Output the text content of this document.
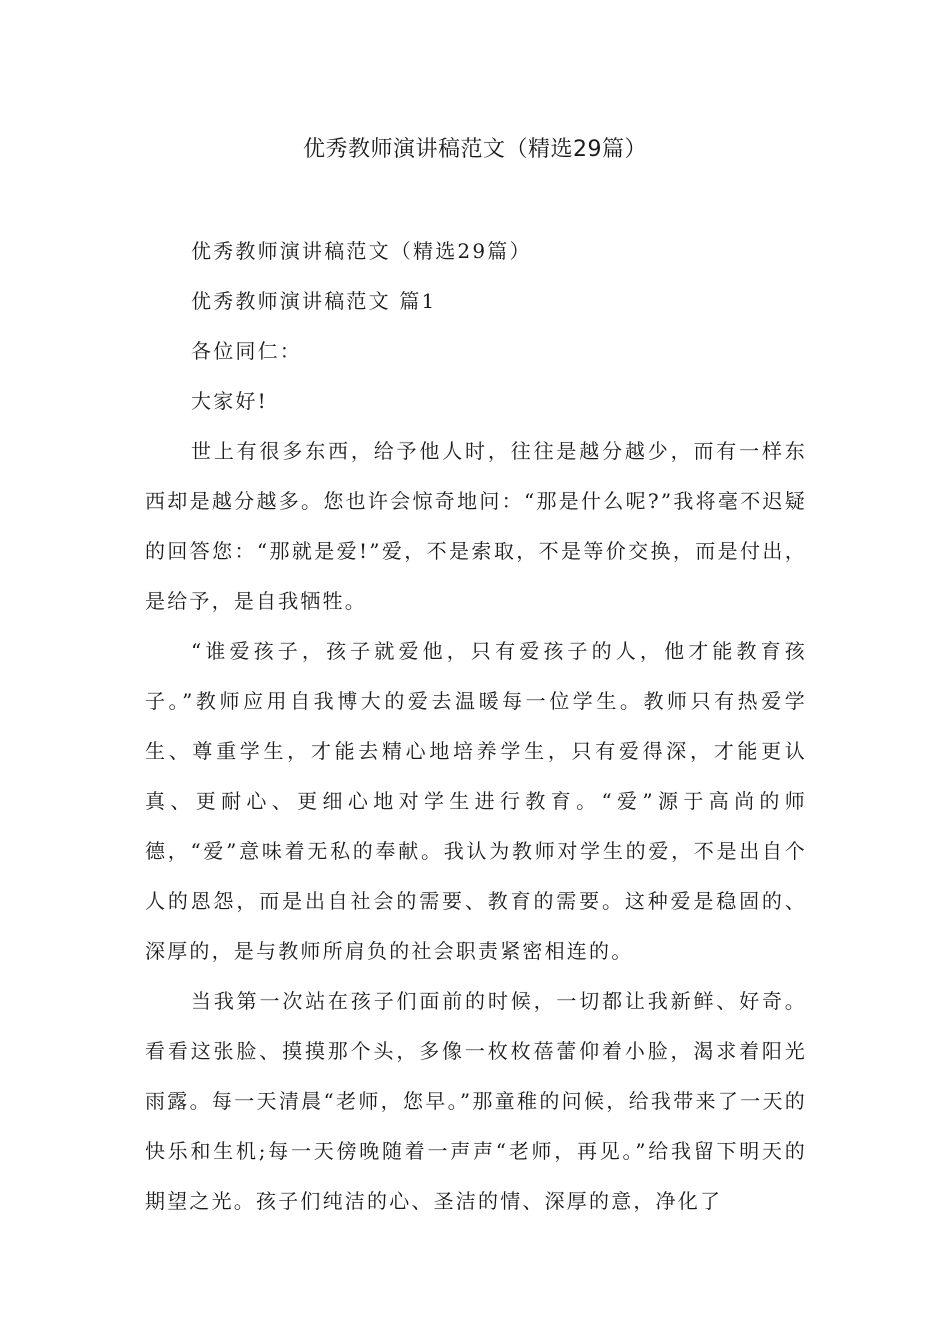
优秀教师演讲稿范文（精选29篇）

优秀教师演讲稿范文（精选29篇）

优秀教师演讲稿范文 篇1

各位同仁：

大家好!

世上有很多东西，给予他人时，往往是越分越少，而有一样东西却是越分越多。您也许会惊奇地问：“那是什么呢?”我将毫不迟疑的回答您：“那就是爱!”爱，不是索取，不是等价交换，而是付出，是给予，是自我牺牲。

“谁爱孩子，孩子就爱他，只有爱孩子的人，他才能教育孩子。”教师应用自我博大的爱去温暖每一位学生。教师只有热爱学生、尊重学生，才能去精心地培养学生，只有爱得深，才能更认真、更耐心、更细心地对学生进行教育。“爱”源于高尚的师德，“爱”意味着无私的奉献。我认为教师对学生的爱，不是出自个人的恩怨，而是出自社会的需要、教育的需要。这种爱是稳固的、深厚的，是与教师所肩负的社会职责紧密相连的。

当我第一次站在孩子们面前的时候，一切都让我新鲜、好奇。看看这张脸、摸摸那个头，多像一枚枚蓓蕾仰着小脸，渴求着阳光雨露。每一天清晨“老师，您早。”那童稚的问候，给我带来了一天的快乐和生机;每一天傍晚随着一声声“老师，再见。”给我留下明天的期望之光。孩子们纯洁的心、圣洁的情、深厚的意，净化了
